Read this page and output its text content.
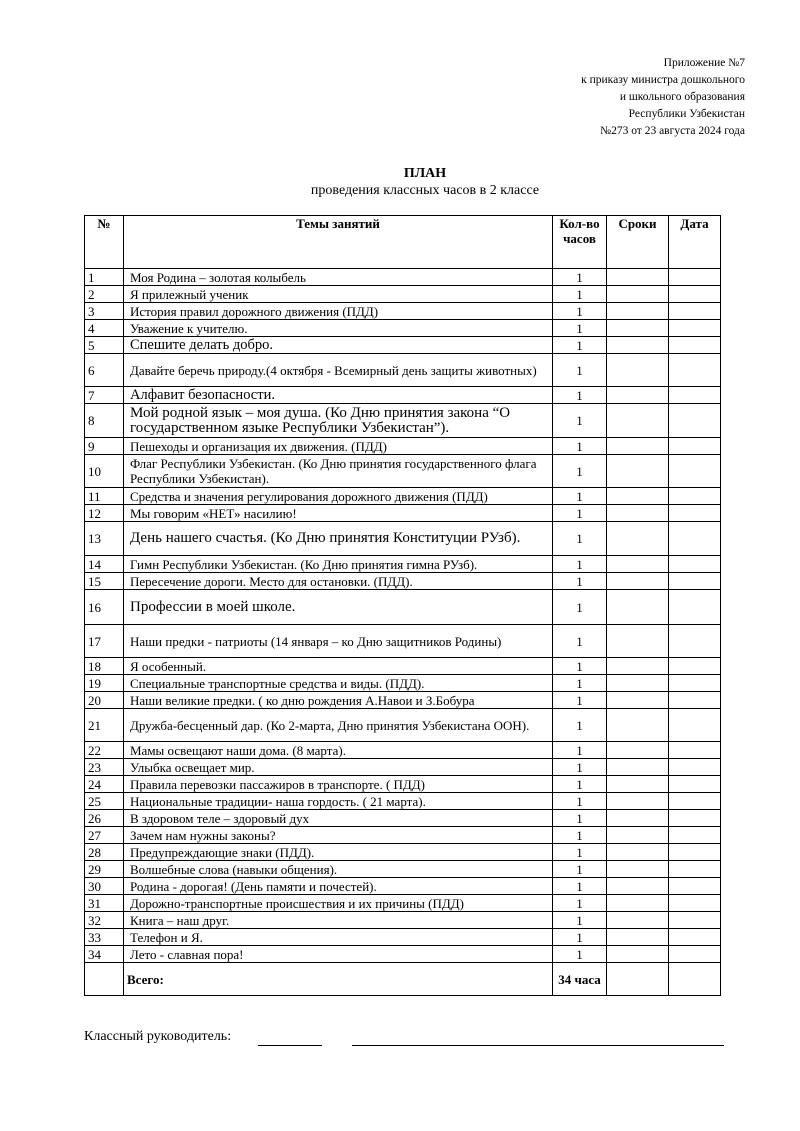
Приложение №7
к приказу министра дошкольного
и школьного образования
Республики Узбекистан
№273 от 23 августа 2024 года
ПЛАН
проведения классных часов в 2 классе
№	Темы занятий	Кол-во часов	Сроки	Дата
1	Моя Родина – золотая колыбель	1		
2	Я прилежный ученик	1		
3	История правил дорожного движения (ПДД)	1		
4	Уважение к учителю.	1		
5	Спешите делать добро.	1		
6	Давайте беречь природу.(4 октября - Всемирный день защиты животных)	1		
7	Алфавит безопасности.	1		
8	Мой родной язык – моя душа. (Ко Дню принятия закона “О государственном языке Республики Узбекистан”).	1		
9	Пешеходы и организация их движения. (ПДД)	1		
10	Флаг Республики Узбекистан. (Ко Дню принятия государственного флага Республики Узбекистан).	1		
11	Средства и значения регулирования дорожного движения (ПДД)	1		
12	Мы говорим «НЕТ» насилию!	1		
13	День нашего счастья. (Ко Дню принятия Конституции РУзб).	1		
14	Гимн Республики Узбекистан. (Ко Дню принятия гимна РУзб).	1		
15	Пересечение дороги. Место для остановки. (ПДД).	1		
16	Профессии в моей школе.	1		
17	Наши предки - патриоты (14 января – ко Дню защитников Родины)	1		
18	Я особенный.	1		
19	Специальные транспортные средства и виды. (ПДД).	1		
20	Наши великие предки. ( ко дню рождения А.Навои и З.Бобура	1		
21	Дружба-бесценный дар. (Ко 2-марта, Дню принятия Узбекистана ООН).	1		
22	Мамы освещают наши дома. (8 марта).	1		
23	Улыбка освещает мир.	1		
24	Правила перевозки пассажиров в транспорте. ( ПДД)	1		
25	Национальные традиции- наша гордость. ( 21 марта).	1		
26	В здоровом теле – здоровый дух	1		
27	Зачем нам нужны законы?	1		
28	Предупреждающие знаки (ПДД).	1		
29	Волшебные слова (навыки общения).	1		
30	Родина - дорогая! (День памяти и почестей).	1		
31	Дорожно-транспортные происшествия и их причины (ПДД)	1		
32	Книга – наш друг.	1		
33	Телефон и Я.	1		
34	Лето - славная пора!	1		
	Всего:	34 часа		
Классный руководитель:
